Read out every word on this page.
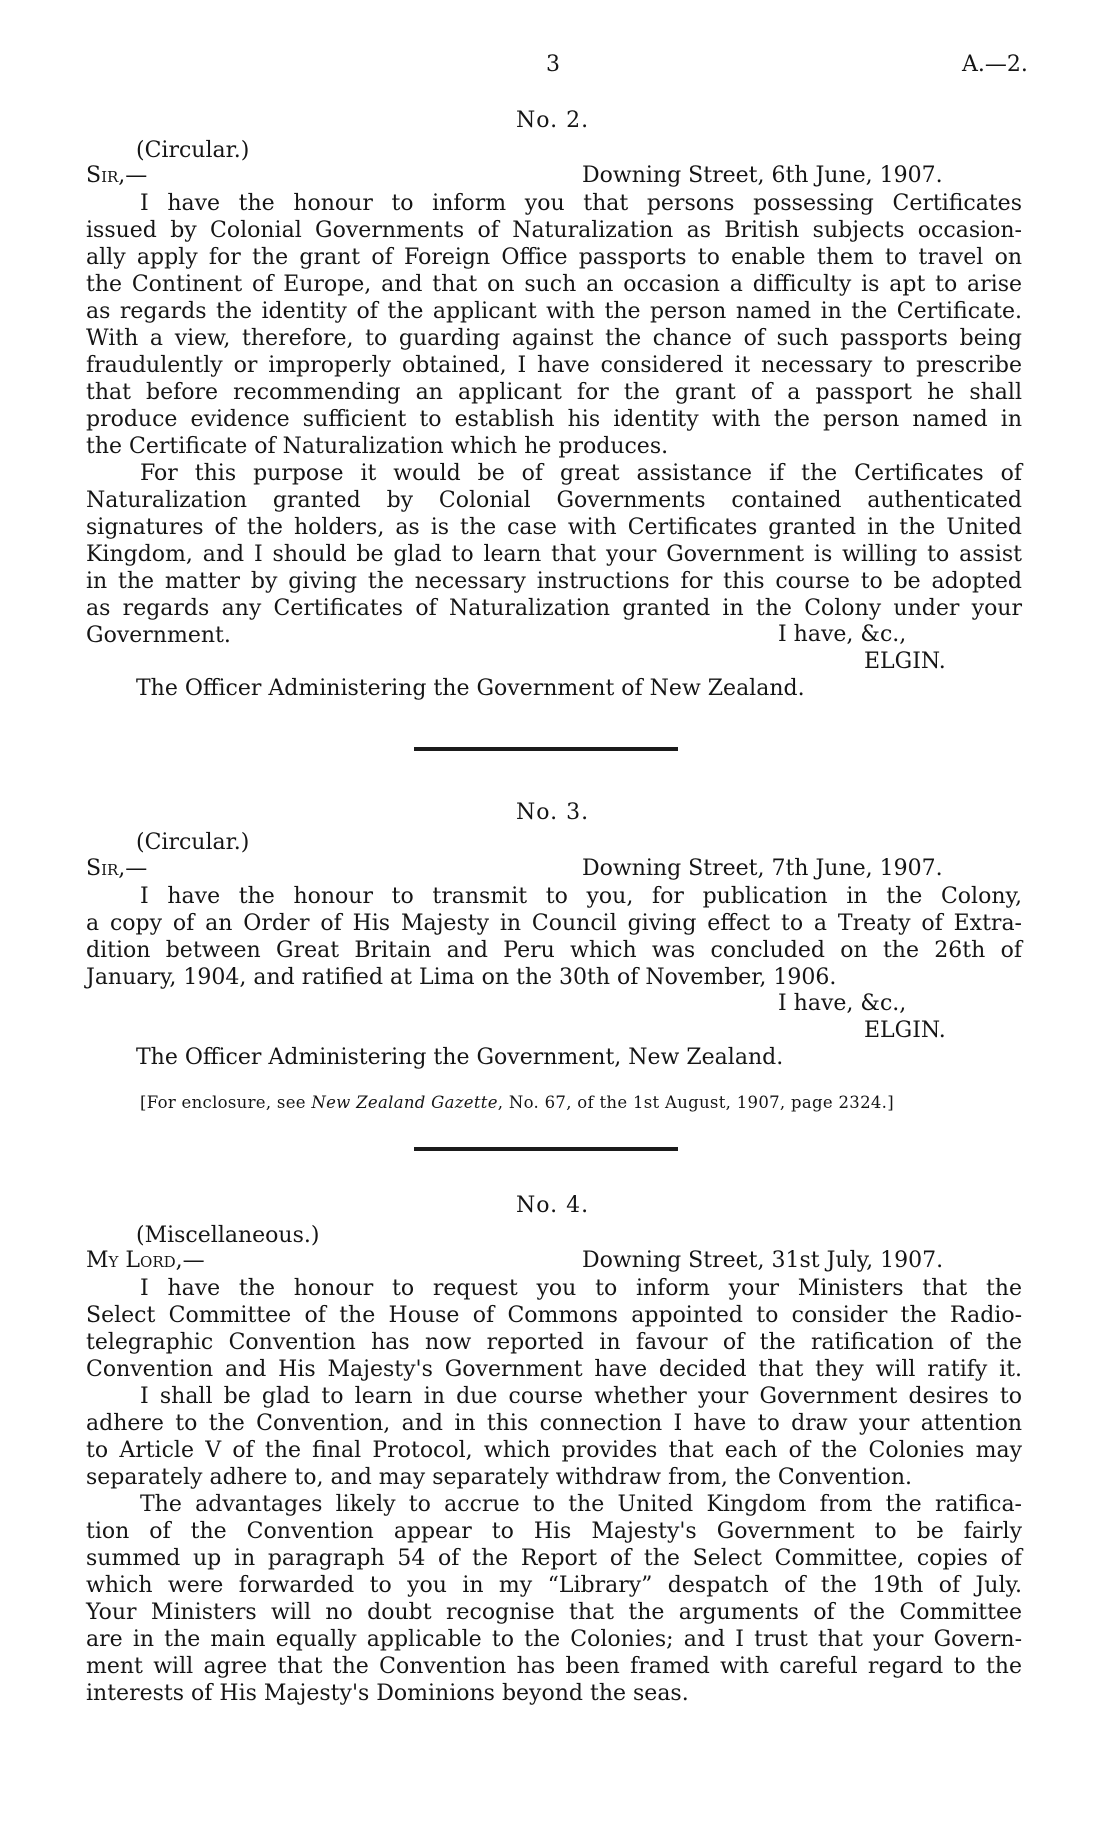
3	A.—2.
No. 2.
(Circular.)
Sir,—	Downing Street, 6th June, 1907.
I have the honour to inform you that persons possessing Certificates
issued by Colonial Governments of Naturalization as British subjects occasion-
ally apply for the grant of Foreign Office passports to enable them to travel on
the Continent of Europe, and that on such an occasion a difficulty is apt to arise
as regards the identity of the applicant with the person named in the Certificate.
With a view, therefore, to guarding against the chance of such passports being
fraudulently or improperly obtained, I have considered it necessary to prescribe
that before recommending an applicant for the grant of a passport he shall
produce evidence sufficient to establish his identity with the person named in
the Certificate of Naturalization which he produces.
For this purpose it would be of great assistance if the Certificates of
Naturalization granted by Colonial Governments contained authenticated
signatures of the holders, as is the case with Certificates granted in the United
Kingdom, and I should be glad to learn that your Government is willing to assist
in the matter by giving the necessary instructions for this course to be adopted
as regards any Certificates of Naturalization granted in the Colony under your
Government.	I have, &c.,
ELGIN.
The Officer Administering the Government of New Zealand.
No. 3.
(Circular.)
Sir,—	Downing Street, 7th June, 1907.
I have the honour to transmit to you, for publication in the Colony,
a copy of an Order of His Majesty in Council giving effect to a Treaty of Extra-
dition between Great Britain and Peru which was concluded on the 26th of
January, 1904, and ratified at Lima on the 30th of November, 1906.
I have, &c.,
ELGIN.
The Officer Administering the Government, New Zealand.
[For enclosure, see New Zealand Gazette, No. 67, of the 1st August, 1907, page 2324.]
No. 4.
(Miscellaneous.)
My Lord,—	Downing Street, 31st July, 1907.
I have the honour to request you to inform your Ministers that the
Select Committee of the House of Commons appointed to consider the Radio-
telegraphic Convention has now reported in favour of the ratification of the
Convention and His Majesty's Government have decided that they will ratify it.
I shall be glad to learn in due course whether your Government desires to
adhere to the Convention, and in this connection I have to draw your attention
to Article V of the final Protocol, which provides that each of the Colonies may
separately adhere to, and may separately withdraw from, the Convention.
The advantages likely to accrue to the United Kingdom from the ratifica-
tion of the Convention appear to His Majesty's Government to be fairly
summed up in paragraph 54 of the Report of the Select Committee, copies of
which were forwarded to you in my “Library” despatch of the 19th of July.
Your Ministers will no doubt recognise that the arguments of the Committee
are in the main equally applicable to the Colonies; and I trust that your Govern-
ment will agree that the Convention has been framed with careful regard to the
interests of His Majesty's Dominions beyond the seas.
